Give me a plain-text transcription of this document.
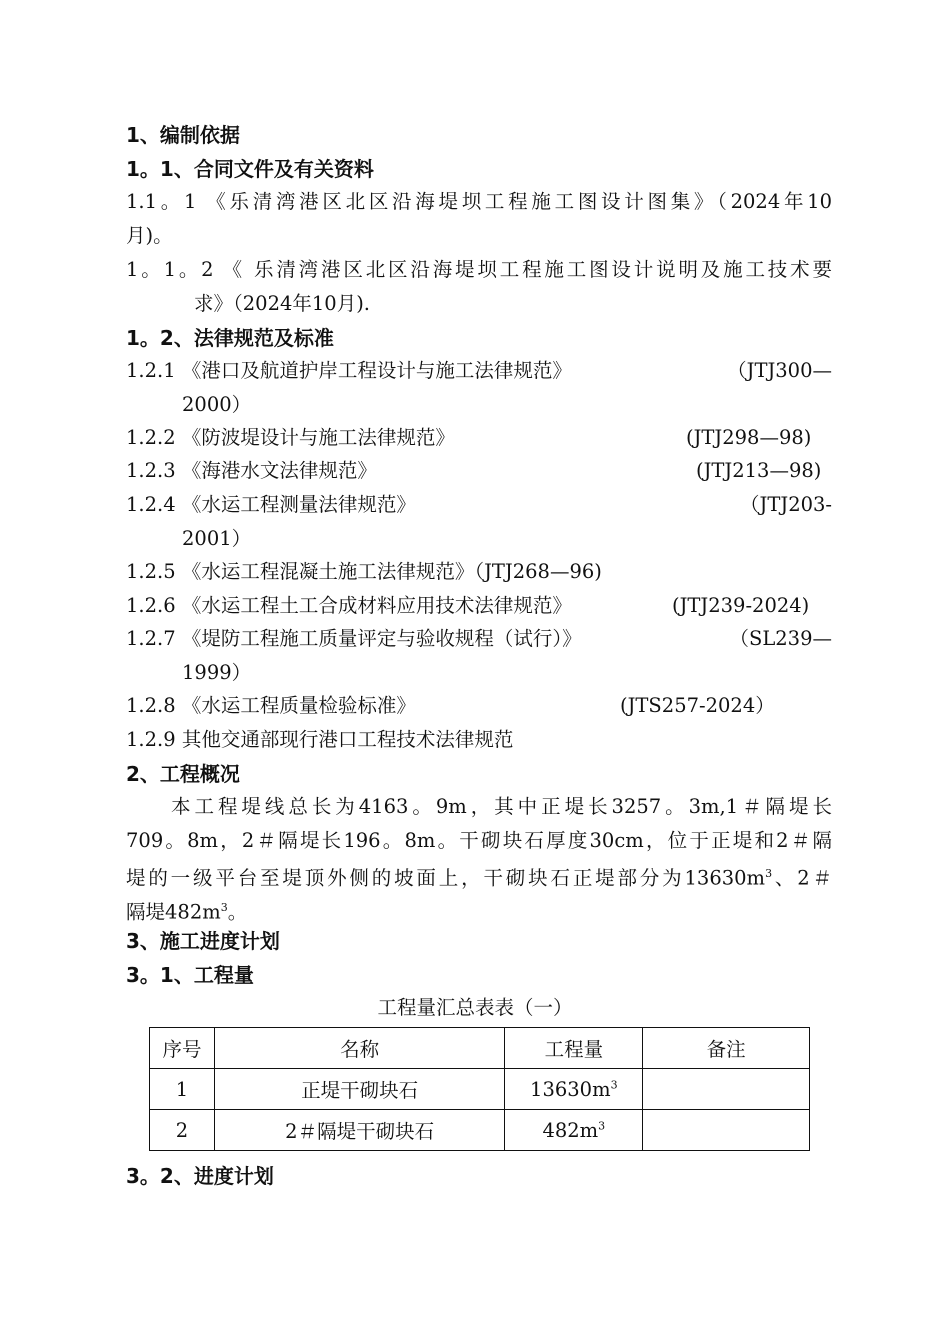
1、编制依据
1。1、合同文件及有关资料
1.1。1 《乐清湾港区北区沿海堤坝工程施工图设计图集》（2024年10
月)。
1。1。2 《 乐清湾港区北区沿海堤坝工程施工图设计说明及施工技术要
求》（2024年10月).
1。2、法律规范及标准
1.2.1 《港口及航道护岸工程设计与施工法律规范》	（JTJ300—
2000）
1.2.2 《防波堤设计与施工法律规范》	(JTJ298—98)
1.2.3 《海港水文法律规范》	(JTJ213—98)
1.2.4 《水运工程测量法律规范》	（JTJ203-
2001）
1.2.5 《水运工程混凝土施工法律规范》（JTJ268—96)
1.2.6 《水运工程土工合成材料应用技术法律规范》	(JTJ239-2024)
1.2.7 《堤防工程施工质量评定与验收规程（试行）》	（SL239—
1999）
1.2.8 《水运工程质量检验标准》	(JTS257-2024）
1.2.9 其他交通部现行港口工程技术法律规范
2、工程概况
本工程堤线总长为4163。9m，其中正堤长3257。3m,1＃隔堤长
709。8m，2＃隔堤长196。8m。干砌块石厚度30cm，位于正堤和2＃隔
堤的一级平台至堤顶外侧的坡面上，干砌块石正堤部分为$13630m^3$、2＃
隔堤$482m^3$。
3、施工进度计划
3。1、工程量
工程量汇总表表（一）
序号	名称	工程量	备注
1	正堤干砌块石	$13630m^3$	
2	2＃隔堤干砌块石	$482m^3$	
3。2、进度计划
